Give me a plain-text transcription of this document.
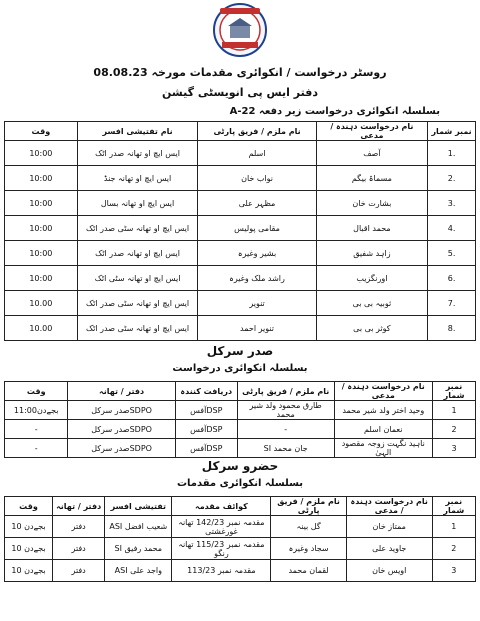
روسٹر درخواست / انکوائری مقدمات مورخہ 08.08.23
دفتر ایس پی انویسٹی گیشن
بسلسلہ انکوائری درخواست زیر دفعہ A-22
نمبر شمار	نام درخواست دہندہ / مدعی	نام ملزم / فریق پارٹی	نام تفتیشی افسر	وقت
1.	آصف	اسلم	ایس ایچ او تھانہ صدر اٹک	10:00
2.	مسماۃ بیگم	نواب خان	ایس ایچ او تھانہ جنڈ	10:00
3.	بشارت خان	مظہر علی	ایس ایچ او تھانہ بسال	10:00
4.	محمد اقبال	مقامی پولیس	ایس ایچ او تھانہ سٹی صدر اٹک	10:00
5.	زاہد شفیق	بشیر وغیرہ	ایس ایچ او تھانہ صدر اٹک	10:00
6.	اورنگزیب	راشد ملک وغیرہ	ایس ایچ او تھانہ سٹی اٹک	10:00
7.	ثوبیہ بی بی	تنویر	ایس ایچ او تھانہ سٹی صدر اٹک	10.00
8.	کوثر بی بی	تنویر احمد	ایس ایچ او تھانہ سٹی صدر اٹک	10.00
صدر سرکل
بسلسلہ انکوائری درخواست
نمبر شمار	نام درخواست دہندہ / مدعی	نام ملزم / فریق پارٹی	دریافت کنندہ	دفتر / تھانہ	وقت
1	وحید اختر ولد شیر محمد	طارق محمود ولد شیر محمد	DSPآفس	SDPOصدر سرکل	11:00بجےدن
2	نعمان اسلم	-	DSPآفس	SDPOصدر سرکل	-
3	ناہید نگہت زوجہ مقصود الہیٰ	جان محمد SI	DSPآفس	SDPOصدر سرکل	-
حضرو سرکل
بسلسلہ انکوائری مقدمات
نمبر شمار	نام درخواست دہندہ / مدعی	نام ملزم / فریق پارٹی	کوائف مقدمہ	تفتیشی افسر	دفتر / تھانہ	وقت
1	ممتاز خان	گل بینہ	مقدمہ نمبر 142/23 تھانہ غورغشتی	شعیب افضل ASI	دفتر	10 بجےدن
2	جاوید علی	سجاد وغیرہ	مقدمہ نمبر 115/23 تھانہ رنگو	محمد رفیق SI	دفتر	10 بجےدن
3	اویس خان	لقمان محمد	مقدمہ نمبر 113/23	واجد علی ASI	دفتر	10 بجےدن
